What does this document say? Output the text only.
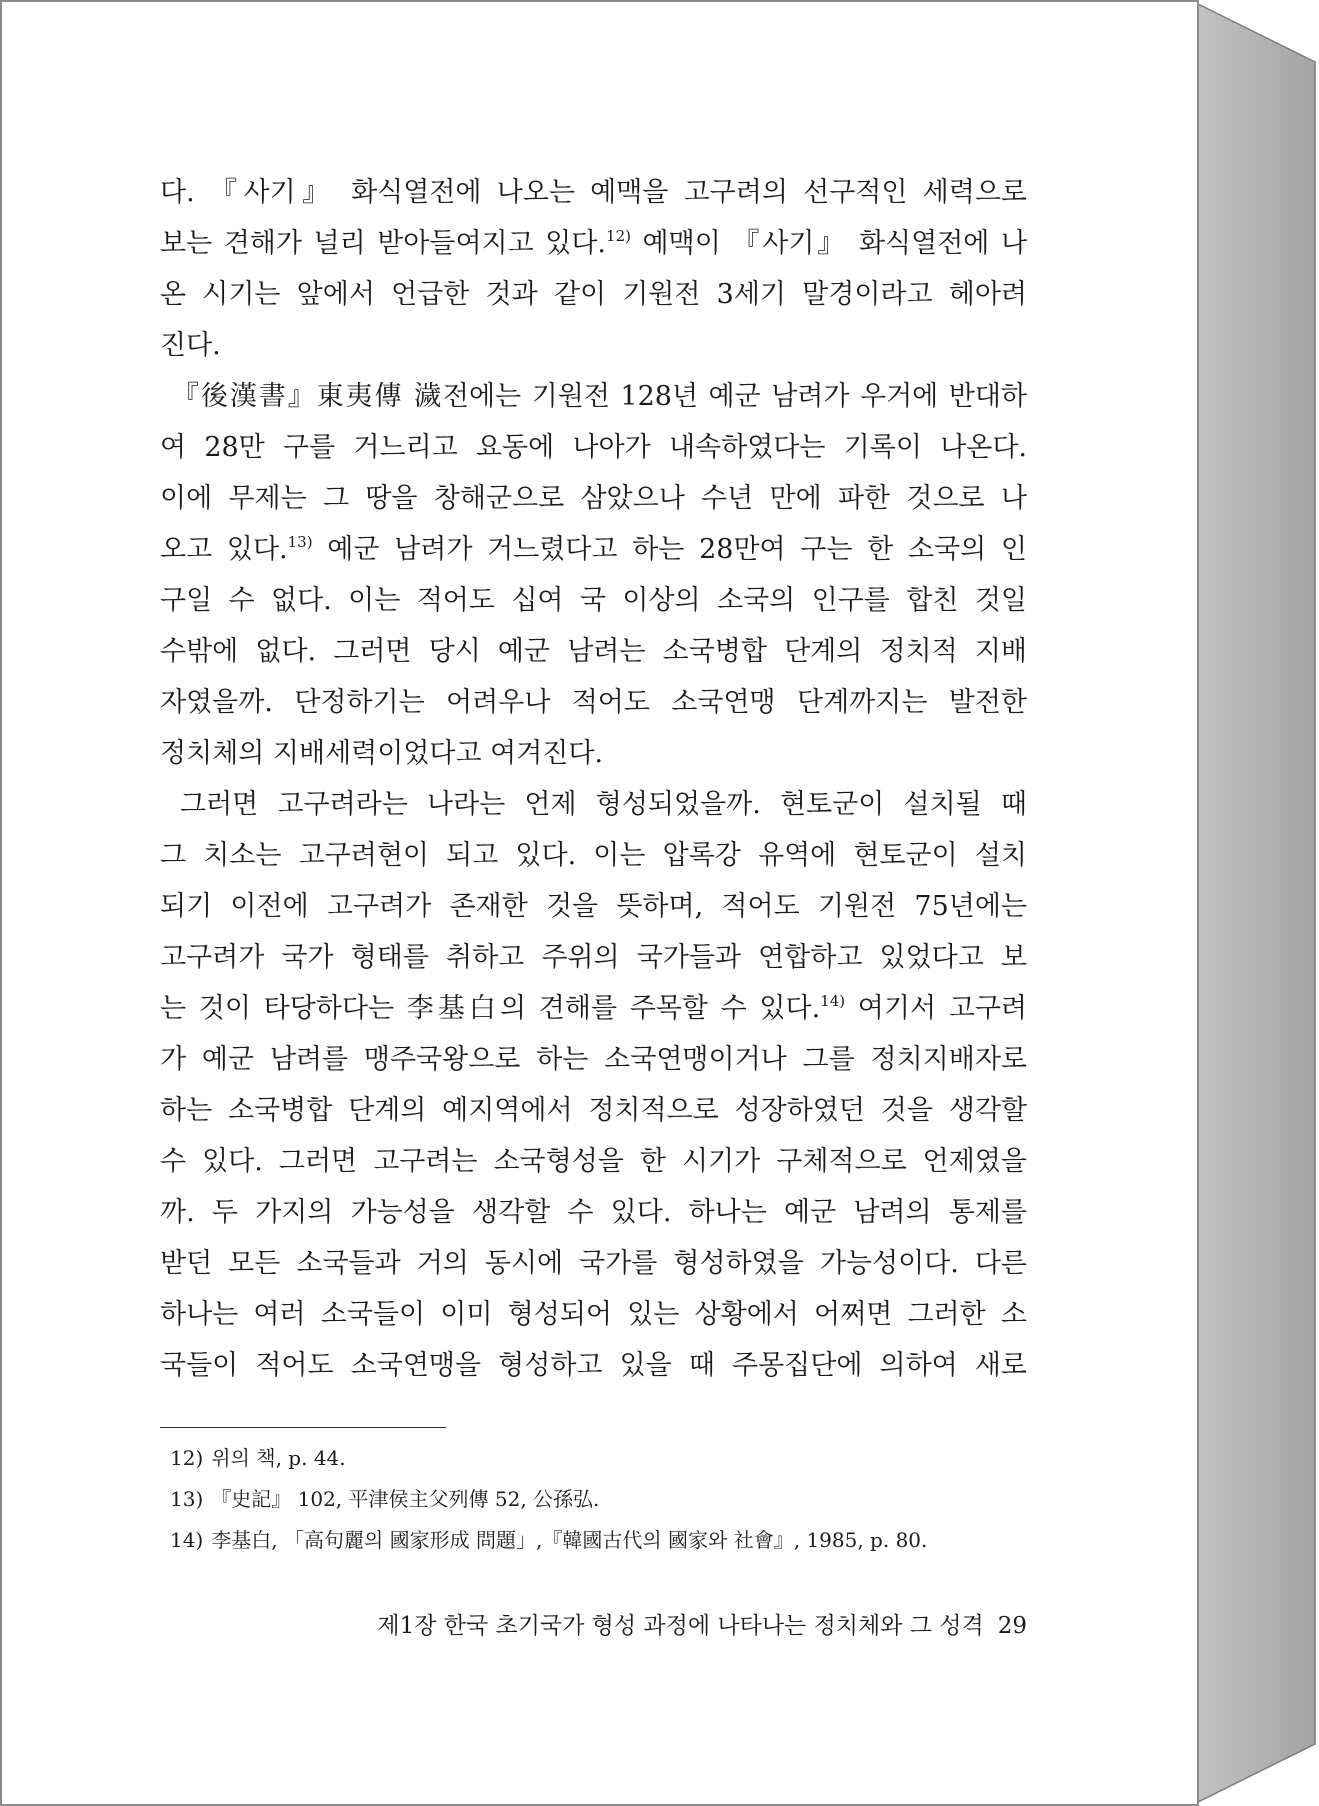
다. 『사기』 화식열전에 나오는 예맥을 고구려의 선구적인 세력으로
보는 견해가 널리 받아들여지고 있다.$^{12)}$ 예맥이 『사기』 화식열전에 나
온 시기는 앞에서 언급한 것과 같이 기원전 3세기 말경이라고 헤아려
진다.
『後漢書』東夷傳 濊전에는 기원전 128년 예군 남려가 우거에 반대하
여 28만 구를 거느리고 요동에 나아가 내속하였다는 기록이 나온다.
이에 무제는 그 땅을 창해군으로 삼았으나 수년 만에 파한 것으로 나
오고 있다.$^{13)}$ 예군 남려가 거느렸다고 하는 28만여 구는 한 소국의 인
구일 수 없다. 이는 적어도 십여 국 이상의 소국의 인구를 합친 것일
수밖에 없다. 그러면 당시 예군 남려는 소국병합 단계의 정치적 지배
자였을까. 단정하기는 어려우나 적어도 소국연맹 단계까지는 발전한
정치체의 지배세력이었다고 여겨진다.
그러면 고구려라는 나라는 언제 형성되었을까. 현토군이 설치될 때
그 치소는 고구려현이 되고 있다. 이는 압록강 유역에 현토군이 설치
되기 이전에 고구려가 존재한 것을 뜻하며, 적어도 기원전 75년에는
고구려가 국가 형태를 취하고 주위의 국가들과 연합하고 있었다고 보
는 것이 타당하다는 李基白의 견해를 주목할 수 있다.$^{14)}$ 여기서 고구려
가 예군 남려를 맹주국왕으로 하는 소국연맹이거나 그를 정치지배자로
하는 소국병합 단계의 예지역에서 정치적으로 성장하였던 것을 생각할
수 있다. 그러면 고구려는 소국형성을 한 시기가 구체적으로 언제였을
까. 두 가지의 가능성을 생각할 수 있다. 하나는 예군 남려의 통제를
받던 모든 소국들과 거의 동시에 국가를 형성하였을 가능성이다. 다른
하나는 여러 소국들이 이미 형성되어 있는 상황에서 어쩌면 그러한 소
국들이 적어도 소국연맹을 형성하고 있을 때 주몽집단에 의하여 새로
12) 위의 책, p. 44.
13) 『史記』 102, 平津侯主父列傳 52, 公孫弘.
14) 李基白, 「高句麗의 國家形成 問題」,『韓國古代의 國家와 社會』, 1985, p. 80.
제1장 한국 초기국가 형성 과정에 나타나는 정치체와 그 성격 29
